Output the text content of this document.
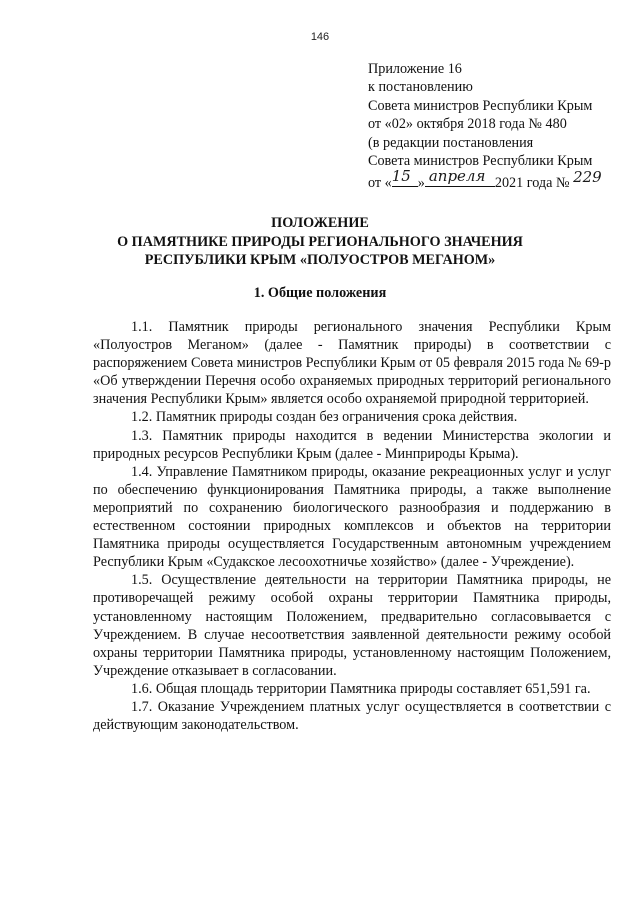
146
Приложение 16
к постановлению
Совета министров Республики Крым
от «02» октября 2018 года № 480
(в редакции постановления
Совета министров Республики Крым
от « 15 » апреля 2021 года № 229
ПОЛОЖЕНИЕ
О ПАМЯТНИКЕ ПРИРОДЫ РЕГИОНАЛЬНОГО ЗНАЧЕНИЯ
РЕСПУБЛИКИ КРЫМ «ПОЛУОСТРОВ МЕГАНОМ»
1. Общие положения

1.1. Памятник природы регионального значения Республики Крым «Полуостров Меганом» (далее - Памятник природы) в соответствии с распоряжением Совета министров Республики Крым от 05 февраля 2015 года № 69-р «Об утверждении Перечня особо охраняемых природных территорий регионального значения Республики Крым» является особо охраняемой природной территорией.

1.2. Памятник природы создан без ограничения срока действия.

1.3. Памятник природы находится в ведении Министерства экологии и природных ресурсов Республики Крым (далее - Минприроды Крыма).

1.4. Управление Памятником природы, оказание рекреационных услуг и услуг по обеспечению функционирования Памятника природы, а также выполнение мероприятий по сохранению биологического разнообразия и поддержанию в естественном состоянии природных комплексов и объектов на территории Памятника природы осуществляется Государственным автономным учреждением Республики Крым «Судакское лесоохотничье хозяйство» (далее - Учреждение).

1.5. Осуществление деятельности на территории Памятника природы, не противоречащей режиму особой охраны территории Памятника природы, установленному настоящим Положением, предварительно согласовывается с Учреждением. В случае несоответствия заявленной деятельности режиму особой охраны территории Памятника природы, установленному настоящим Положением, Учреждение отказывает в согласовании.

1.6. Общая площадь территории Памятника природы составляет 651,591 га.

1.7. Оказание Учреждением платных услуг осуществляется в соответствии с действующим законодательством.
